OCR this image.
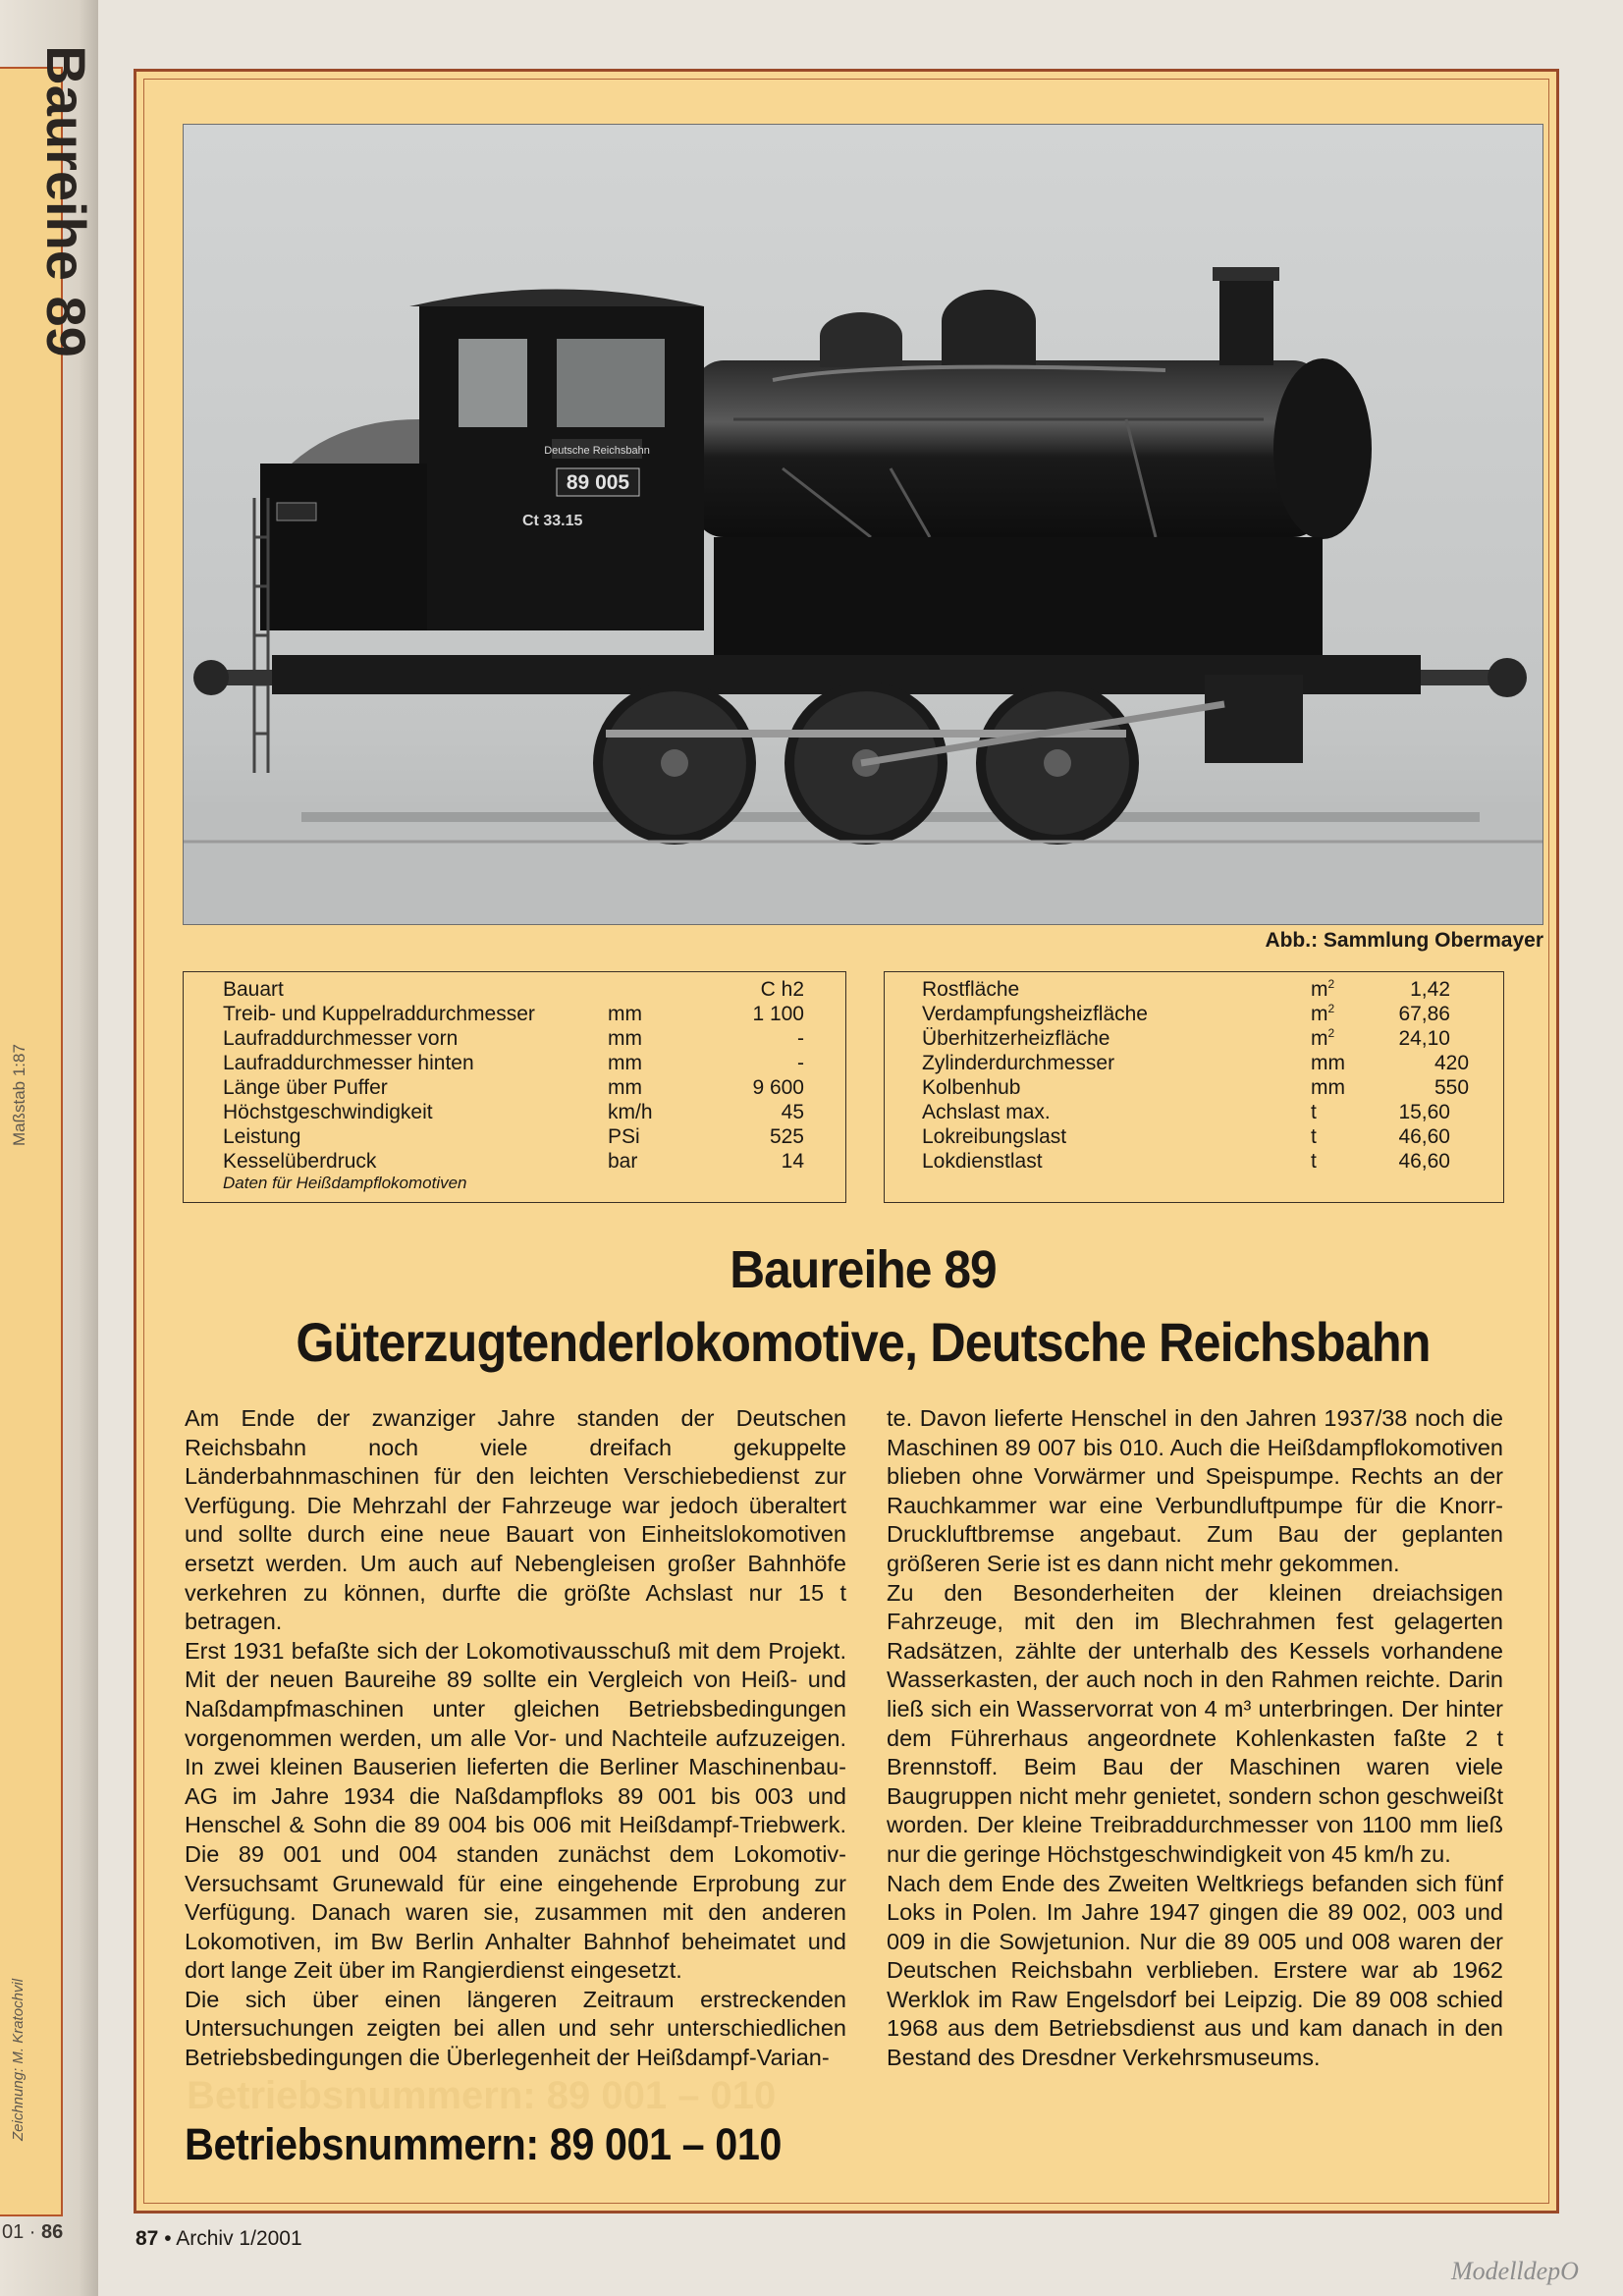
Baureihe 89
Maßstab 1:87
Zeichnung: M. Kratochvil
01 · 86
Deutsche Reichsbahn
89 005
Ct 33.15
Abb.: Sammlung Obermayer
Bauart	C h2
Treib- und Kuppelraddurchmesser	mm	1 100
Laufraddurchmesser vorn	mm	-
Laufraddurchmesser hinten	mm	-
Länge über Puffer	mm	9 600
Höchstgeschwindigkeit	km/h	45
Leistung	PSi	525
Kesselüberdruck	bar	14
Daten für Heißdampflokomotiven
Rostfläche	$m^2$	1,42
Verdampfungsheizfläche	$m^2$	67,86
Überhitzerheizfläche	$m^2$	24,10
Zylinderdurchmesser	mm	420
Kolbenhub	mm	550
Achslast max.	t	15,60
Lokreibungslast	t	46,60
Lokdienstlast	t	46,60
Baureihe 89
Güterzugtenderlokomotive, Deutsche Reichsbahn

Am Ende der zwanziger Jahre standen der Deutschen Reichsbahn noch viele dreifach gekuppelte Länderbahnmaschinen für den leichten Verschiebedienst zur Verfügung. Die Mehrzahl der Fahrzeuge war jedoch überaltert und sollte durch eine neue Bauart von Einheitslokomotiven ersetzt werden. Um auch auf Nebengleisen großer Bahnhöfe verkehren zu können, durfte die größte Achslast nur 15 t betragen.

Erst 1931 befaßte sich der Lokomotivausschuß mit dem Projekt. Mit der neuen Baureihe 89 sollte ein Vergleich von Heiß- und Naßdampfmaschinen unter gleichen Betriebsbedingungen vorgenommen werden, um alle Vor- und Nachteile aufzuzeigen. In zwei kleinen Bauserien lieferten die Berliner Maschinenbau-AG im Jahre 1934 die Naßdampfloks 89 001 bis 003 und Henschel & Sohn die 89 004 bis 006 mit Heißdampf-Triebwerk. Die 89 001 und 004 standen zunächst dem Lokomotiv-Versuchsamt Grunewald für eine eingehende Erprobung zur Verfügung. Danach waren sie, zusammen mit den anderen Lokomotiven, im Bw Berlin Anhalter Bahnhof beheimatet und dort lange Zeit über im Rangierdienst eingesetzt.

Die sich über einen längeren Zeitraum erstreckenden Untersuchungen zeigten bei allen und sehr unterschiedlichen Betriebsbedingungen die Überlegenheit der Heißdampf-Varian-

te. Davon lieferte Henschel in den Jahren 1937/38 noch die Maschinen 89 007 bis 010. Auch die Heißdampflokomotiven blieben ohne Vorwärmer und Speispumpe. Rechts an der Rauchkammer war eine Verbundluftpumpe für die Knorr-Druckluftbremse angebaut. Zum Bau der geplanten größeren Serie ist es dann nicht mehr gekommen.

Zu den Besonderheiten der kleinen dreiachsigen Fahrzeuge, mit den im Blechrahmen fest gelagerten Radsätzen, zählte der unterhalb des Kessels vorhandene Wasserkasten, der auch noch in den Rahmen reichte. Darin ließ sich ein Wasservorrat von 4 m³ unterbringen. Der hinter dem Führerhaus angeordnete Kohlenkasten faßte 2 t Brennstoff. Beim Bau der Maschinen waren viele Baugruppen nicht mehr genietet, sondern schon geschweißt worden. Der kleine Treibraddurchmesser von 1100 mm ließ nur die geringe Höchstgeschwindigkeit von 45 km/h zu.

Nach dem Ende des Zweiten Weltkriegs befanden sich fünf Loks in Polen. Im Jahre 1947 gingen die 89 002, 003 und 009 in die Sowjetunion. Nur die 89 005 und 008 waren der Deutschen Reichsbahn verblieben. Erstere war ab 1962 Werklok im Raw Engelsdorf bei Leipzig. Die 89 008 schied 1968 aus dem Betriebsdienst aus und kam danach in den Bestand des Dresdner Verkehrsmuseums.

Betriebsnummern: 89 001 – 010
Betriebsnummern: 89 001 – 010
87 • Archiv 1/2001
ModelldepO
